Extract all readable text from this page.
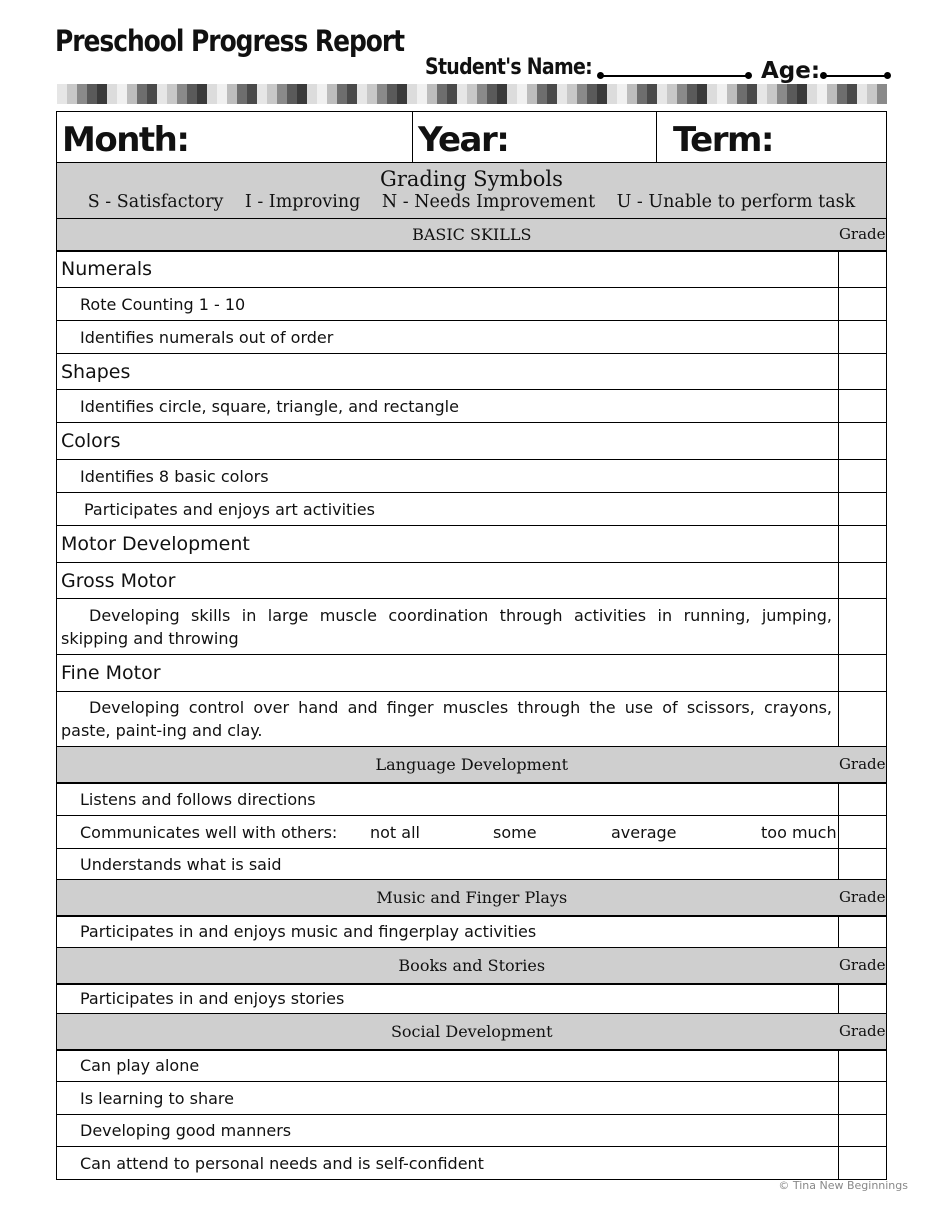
Preschool Progress Report
Student's Name:	Age:
Month:	Year:	Term:
Grading Symbols
S - Satisfactory I - Improving N - Needs Improvement U - Unable to perform task
BASIC SKILLS	Grade
Numerals	
Rote Counting 1 - 10	
Identifies numerals out of order	
Shapes	
Identifies circle, square, triangle, and rectangle	
Colors	
Identifies 8 basic colors	
Participates and enjoys art activities	
Motor Development	
Gross Motor	
Developing skills in large muscle coordination through activities in running, jumping, skipping and throwing	
Fine Motor	
Developing control over hand and finger muscles through the use of scissors, crayons, paste, paint-ing and clay.	
Language Development	Grade
Listens and follows directions	

Communicates well with others: not all some average too much	

Understands what is said	
Music and Finger Plays	Grade
Participates in and enjoys music and fingerplay activities	
Books and Stories	Grade
Participates in and enjoys stories	
Social Development	Grade
Can play alone	
Is learning to share	
Developing good manners	
Can attend to personal needs and is self-confident	
© Tina New Beginnings
